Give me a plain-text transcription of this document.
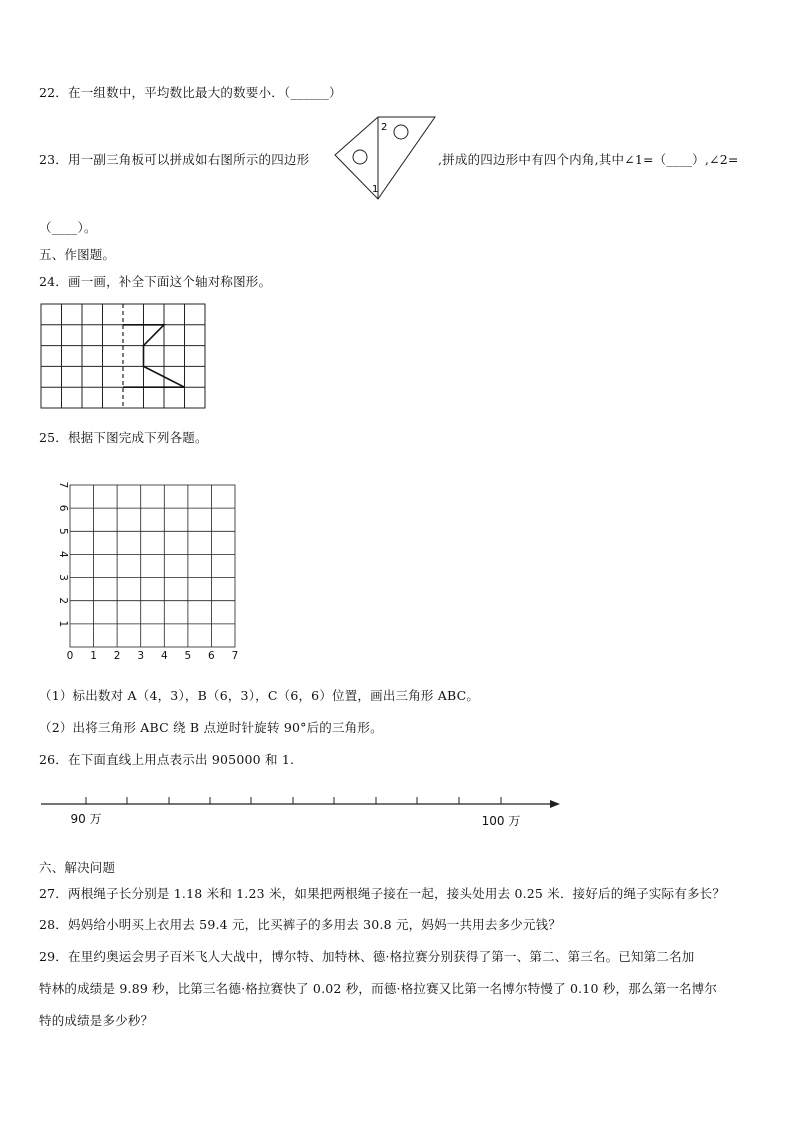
22．在一组数中，平均数比最大的数要小．（______）
23．用一副三角板可以拼成如右图所示的四边形
2
1
,拼成的四边形中有四个内角,其中∠1=（____）,∠2=
（____）。
五、作图题。
24．画一画，补全下面这个轴对称图形。
25．根据下图完成下列各题。
0 1 2 3 4 5 6 7
1
2
3
4
5
6
7
（1）标出数对 A（4，3），B（6，3），C（6，6）位置，画出三角形 ABC。
（2）出将三角形 ABC 绕 B 点逆时针旋转 90°后的三角形。
26．在下面直线上用点表示出 905000 和 1.
90 万	100 万
六、解决问题
27．两根绳子长分别是 1.18 米和 1.23 米，如果把两根绳子接在一起，接头处用去 0.25 米．接好后的绳子实际有多长？
28．妈妈给小明买上衣用去 59.4 元，比买裤子的多用去 30.8 元，妈妈一共用去多少元钱？
29．在里约奥运会男子百米飞人大战中，博尔特、加特林、德·格拉赛分别获得了第一、第二、第三名。已知第二名加
特林的成绩是 9.89 秒，比第三名德·格拉赛快了 0.02 秒，而德·格拉赛又比第一名博尔特慢了 0.10 秒，那么第一名博尔
特的成绩是多少秒？
